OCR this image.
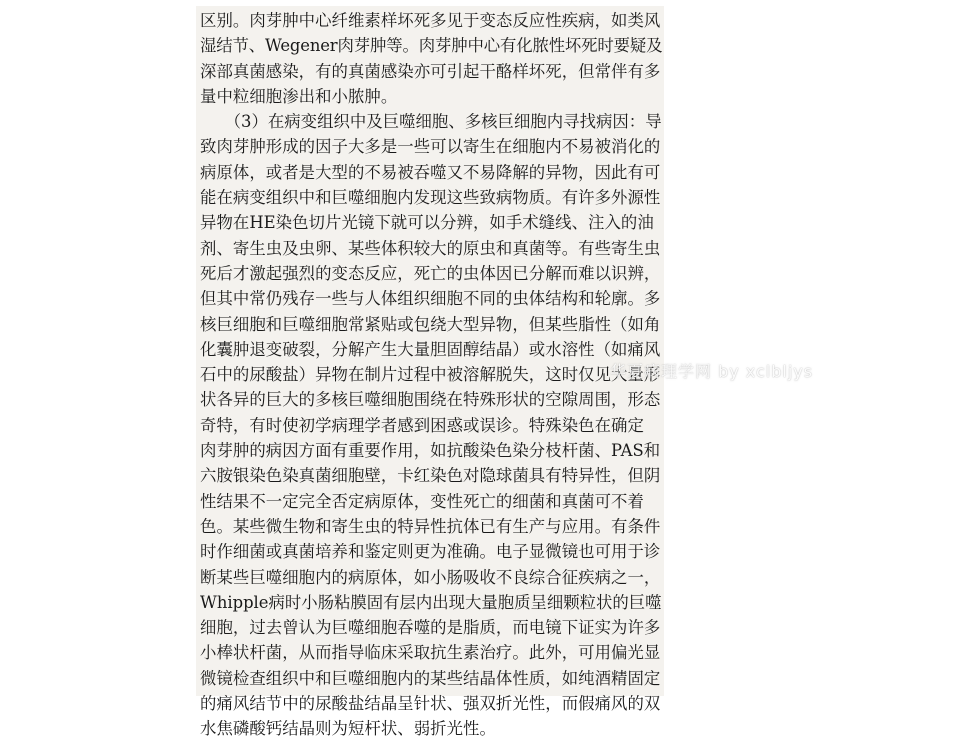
区别。肉芽肿中心纤维素样坏死多见于变态反应性疾病，如类风
湿结节、Wegener肉芽肿等。肉芽肿中心有化脓性坏死时要疑及
深部真菌感染，有的真菌感染亦可引起干酪样坏死，但常伴有多
量中粒细胞渗出和小脓肿。
　　（3）在病变组织中及巨噬细胞、多核巨细胞内寻找病因：导
致肉芽肿形成的因子大多是一些可以寄生在细胞内不易被消化的
病原体，或者是大型的不易被吞噬又不易降解的异物，因此有可
能在病变组织中和巨噬细胞内发现这些致病物质。有许多外源性
异物在HE染色切片光镜下就可以分辨，如手术缝线、注入的油
剂、寄生虫及虫卵、某些体积较大的原虫和真菌等。有些寄生虫
死后才激起强烈的变态反应，死亡的虫体因已分解而难以识辨，
但其中常仍残存一些与人体组织细胞不同的虫体结构和轮廓。多
核巨细胞和巨噬细胞常紧贴或包绕大型异物，但某些脂性（如角
化囊肿退变破裂，分解产生大量胆固醇结晶）或水溶性（如痛风
石中的尿酸盐）异物在制片过程中被溶解脱失，这时仅见大量形
状各异的巨大的多核巨噬细胞围绕在特殊形状的空隙周围，形态
奇特，有时使初学病理学者感到困惑或误诊。特殊染色在确定
肉芽肿的病因方面有重要作用，如抗酸染色染分枝杆菌、PAS和
六胺银染色染真菌细胞壁，卡红染色对隐球菌具有特异性，但阴
性结果不一定完全否定病原体，变性死亡的细菌和真菌可不着
色。某些微生物和寄生虫的特异性抗体已有生产与应用。有条件
时作细菌或真菌培养和鉴定则更为准确。电子显微镜也可用于诊
断某些巨噬细胞内的病原体，如小肠吸收不良综合征疾病之一，
Whipple病时小肠粘膜固有层内出现大量胞质呈细颗粒状的巨噬
细胞，过去曾认为巨噬细胞吞噬的是脂质，而电镜下证实为许多
小棒状杆菌，从而指导临床采取抗生素治疗。此外，可用偏光显
微镜检查组织中和巨噬细胞内的某些结晶体性质，如纯酒精固定
的痛风结节中的尿酸盐结晶呈针状、强双折光性，而假痛风的双
水焦磷酸钙结晶则为短杆状、弱折光性。
华夏病理学网 by xclbljys
